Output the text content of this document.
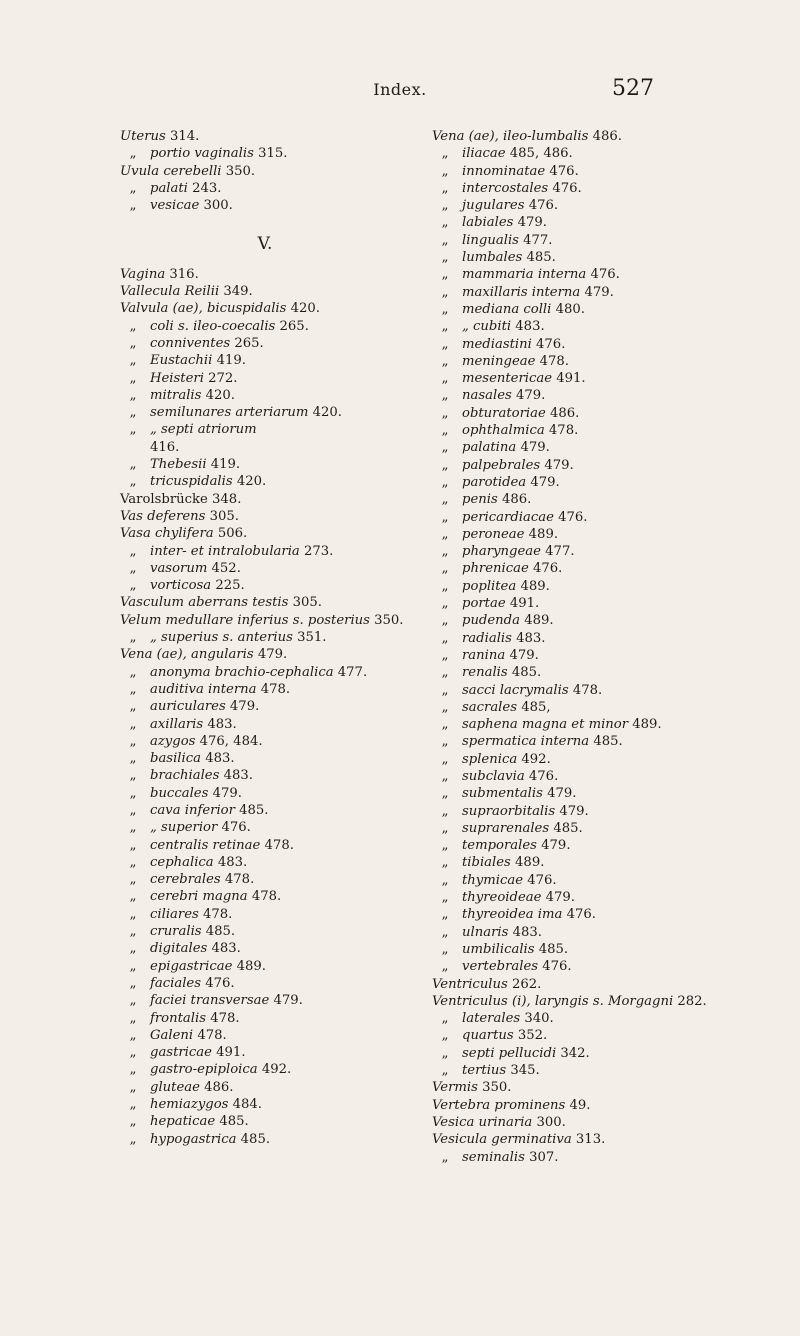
Index.	527
Uterus 314.
„	portio vaginalis 315.
Uvula cerebelli 350.
„	palati 243.
„	vesicae 300.
V.
Vagina 316.
Vallecula Reilii 349.
Valvula (ae), bicuspidalis 420.
„	coli s. ileo-coecalis 265.
„	conniventes 265.
„	Eustachii 419.
„	Heisteri 272.
„	mitralis 420.
„	semilunares arteriarum 420.
„	„ septi atriorum
416.
„	Thebesii 419.
„	tricuspidalis 420.
Varolsbrücke 348.
Vas deferens 305.
Vasa chylifera 506.
„	inter- et intralobularia 273.
„	vasorum 452.
„	vorticosa 225.
Vasculum aberrans testis 305.
Velum medullare inferius s. posterius 350.
„	„ superius s. anterius 351.
Vena (ae), angularis 479.
„	anonyma brachio-cephalica 477.
„	auditiva interna 478.
„	auriculares 479.
„	axillaris 483.
„	azygos 476, 484.
„	basilica 483.
„	brachiales 483.
„	buccales 479.
„	cava inferior 485.
„	„ superior 476.
„	centralis retinae 478.
„	cephalica 483.
„	cerebrales 478.
„	cerebri magna 478.
„	ciliares 478.
„	cruralis 485.
„	digitales 483.
„	epigastricae 489.
„	faciales 476.
„	faciei transversae 479.
„	frontalis 478.
„	Galeni 478.
„	gastricae 491.
„	gastro-epiploica 492.
„	gluteae 486.
„	hemiazygos 484.
„	hepaticae 485.
„	hypogastrica 485.
Vena (ae), ileo-lumbalis 486.
„	iliacae 485, 486.
„	innominatae 476.
„	intercostales 476.
„	jugulares 476.
„	labiales 479.
„	lingualis 477.
„	lumbales 485.
„	mammaria interna 476.
„	maxillaris interna 479.
„	mediana colli 480.
„	„ cubiti 483.
„	mediastini 476.
„	meningeae 478.
„	mesentericae 491.
„	nasales 479.
„	obturatoriae 486.
„	ophthalmica 478.
„	palatina 479.
„	palpebrales 479.
„	parotidea 479.
„	penis 486.
„	pericardiacae 476.
„	peroneae 489.
„	pharyngeae 477.
„	phrenicae 476.
„	poplitea 489.
„	portae 491.
„	pudenda 489.
„	radialis 483.
„	ranina 479.
„	renalis 485.
„	sacci lacrymalis 478.
„	sacrales 485,
„	saphena magna et minor 489.
„	spermatica interna 485.
„	splenica 492.
„	subclavia 476.
„	submentalis 479.
„	supraorbitalis 479.
„	suprarenales 485.
„	temporales 479.
„	tibiales 489.
„	thymicae 476.
„	thyreoideae 479.
„	thyreoidea ima 476.
„	ulnaris 483.
„	umbilicalis 485.
„	vertebrales 476.
Ventriculus 262.
Ventriculus (i), laryngis s. Morgagni 282.
„	laterales 340.
„	quartus 352.
„	septi pellucidi 342.
„	tertius 345.
Vermis 350.
Vertebra prominens 49.
Vesica urinaria 300.
Vesicula germinativa 313.
„	seminalis 307.
